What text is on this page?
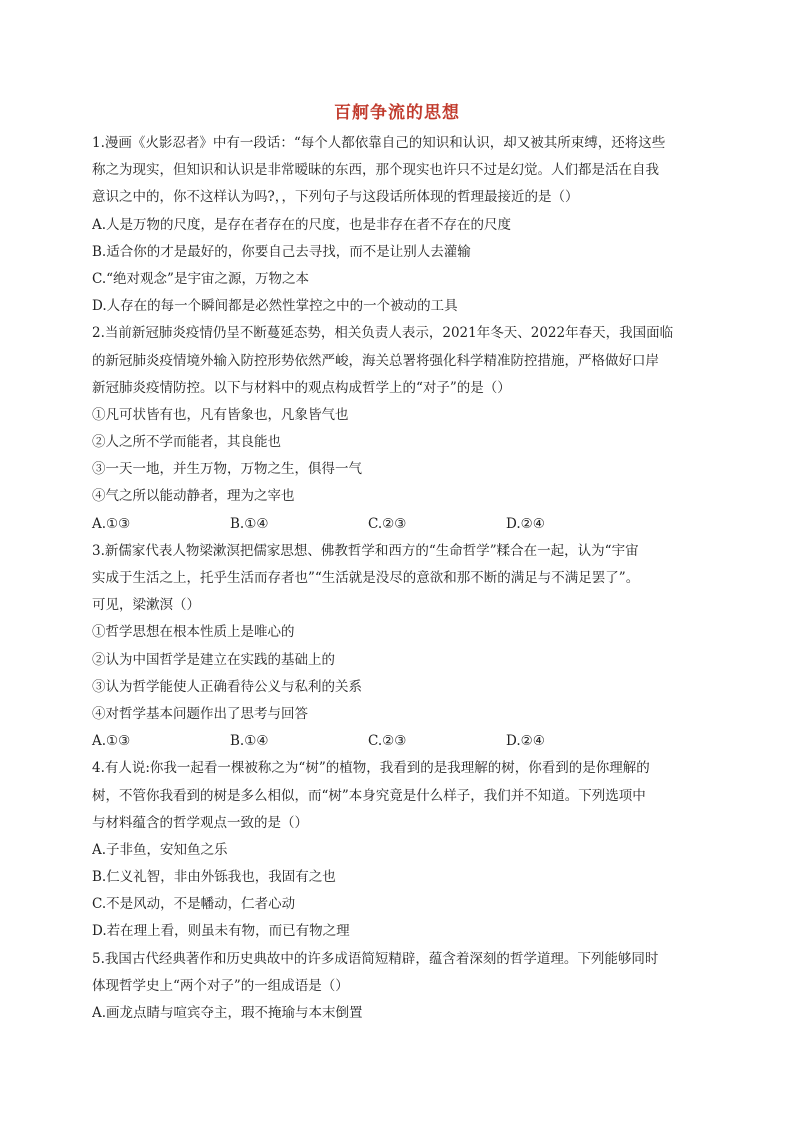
百舸争流的思想
1.漫画《火影忍者》中有一段话：“每个人都依靠自己的知识和认识，却又被其所束缚，还将这些
称之为现实，但知识和认识是非常暧昧的东西，那个现实也许只不过是幻觉。人们都是活在自我
意识之中的，你不这样认为吗?，，下列句子与这段话所体现的哲理最接近的是（）
A.人是万物的尺度，是存在者存在的尺度，也是非存在者不存在的尺度
B.适合你的才是最好的，你要自己去寻找，而不是让别人去灌输
C.“绝对观念”是宇宙之源，万物之本
D.人存在的每一个瞬间都是必然性掌控之中的一个被动的工具
2.当前新冠肺炎疫情仍呈不断蔓延态势，相关负责人表示，2021年冬天、2022年春天，我国面临
的新冠肺炎疫情境外输入防控形势依然严峻，海关总署将强化科学精准防控措施，严格做好口岸
新冠肺炎疫情防控。以下与材料中的观点构成哲学上的“对子”的是（）
①凡可状皆有也，凡有皆象也，凡象皆气也
②人之所不学而能者，其良能也
③一天一地，并生万物，万物之生，俱得一气
④气之所以能动静者，理为之宰也
A.①③	B.①④	C.②③	D.②④
3.新儒家代表人物梁漱溟把儒家思想、佛教哲学和西方的“生命哲学”糅合在一起，认为“宇宙
实成于生活之上，托乎生活而存者也”“生活就是没尽的意欲和那不断的满足与不满足罢了”。
可见，梁漱溟（）
①哲学思想在根本性质上是唯心的
②认为中国哲学是建立在实践的基础上的
③认为哲学能使人正确看待公义与私利的关系
④对哲学基本问题作出了思考与回答
A.①③	B.①④	C.②③	D.②④
4.有人说:你我一起看一棵被称之为“树”的植物，我看到的是我理解的树，你看到的是你理解的
树，不管你我看到的树是多么相似，而“树”本身究竟是什么样子，我们并不知道。下列选项中
与材料蕴含的哲学观点一致的是（）
A.子非鱼，安知鱼之乐
B.仁义礼智，非由外铄我也，我固有之也
C.不是风动，不是幡动，仁者心动
D.若在理上看，则虽未有物，而已有物之理
5.我国古代经典著作和历史典故中的许多成语简短精辟，蕴含着深刻的哲学道理。下列能够同时
体现哲学史上“两个对子”的一组成语是（）
A.画龙点睛与喧宾夺主，瑕不掩瑜与本末倒置
